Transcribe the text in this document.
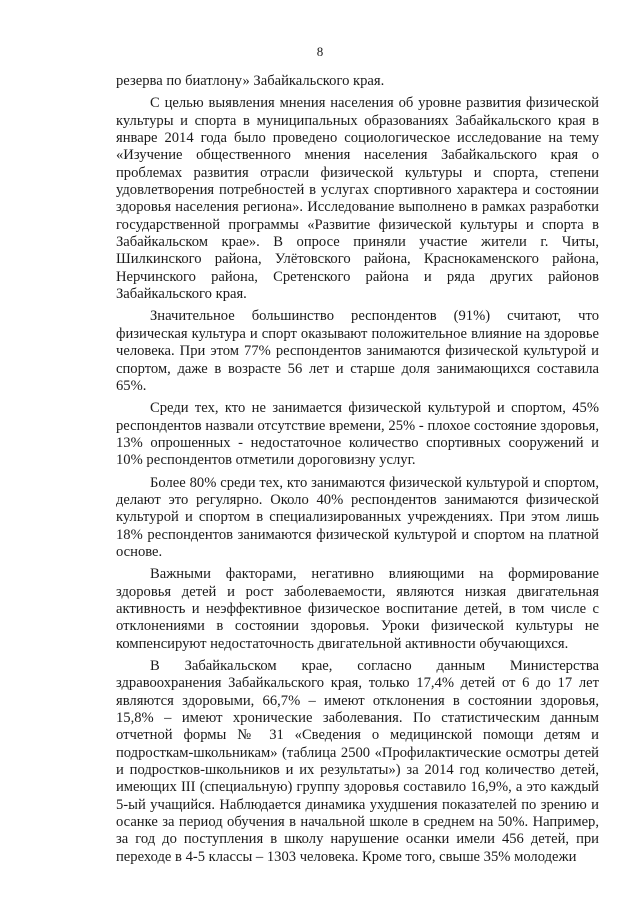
8

резерва по биатлону» Забайкальского края.

С целью выявления мнения населения об уровне развития физической культуры и спорта в муниципальных образованиях Забайкальского края в январе 2014 года было проведено социологическое исследование на тему «Изучение общественного мнения населения Забайкальского края о проблемах развития отрасли физической культуры и спорта, степени удовлетворения потребностей в услугах спортивного характера и состоянии здоровья населения региона». Исследование выполнено в рамках разработки государственной программы «Развитие физической культуры и спорта в Забайкальском крае». В опросе приняли участие жители г. Читы, Шилкинского района, Улётовского района, Краснокаменского района, Нерчинского района, Сретенского района и ряда других районов Забайкальского края.

Значительное большинство респондентов (91%) считают, что физическая культура и спорт оказывают положительное влияние на здоровье человека. При этом 77% респондентов занимаются физической культурой и спортом, даже в возрасте 56 лет и старше доля занимающихся составила 65%.

Среди тех, кто не занимается физической культурой и спортом, 45% респондентов назвали отсутствие времени, 25% - плохое состояние здоровья, 13% опрошенных - недостаточное количество спортивных сооружений и 10% респондентов отметили дороговизну услуг.

Более 80% среди тех, кто занимаются физической культурой и спортом, делают это регулярно. Около 40% респондентов занимаются физической культурой и спортом в специализированных учреждениях. При этом лишь 18% респондентов занимаются физической культурой и спортом на платной основе.

Важными факторами, негативно влияющими на формирование здоровья детей и рост заболеваемости, являются низкая двигательная активность и неэффективное физическое воспитание детей, в том числе с отклонениями в состоянии здоровья. Уроки физической культуры не компенсируют недостаточность двигательной активности обучающихся.

В Забайкальском крае, согласно данным Министерства здравоохранения Забайкальского края, только 17,4% детей от 6 до 17 лет являются здоровыми, 66,7% – имеют отклонения в состоянии здоровья, 15,8% – имеют хронические заболевания. По статистическим данным отчетной формы № 31 «Сведения о медицинской помощи детям и подросткам-школьникам» (таблица 2500 «Профилактические осмотры детей и подростков-школьников и их результаты») за 2014 год количество детей, имеющих III (специальную) группу здоровья составило 16,9%, а это каждый 5-ый учащийся. Наблюдается динамика ухудшения показателей по зрению и осанке за период обучения в начальной школе в среднем на 50%. Например, за год до поступления в школу нарушение осанки имели 456 детей, при переходе в 4-5 классы – 1303 человека. Кроме того, свыше 35% молодежи
